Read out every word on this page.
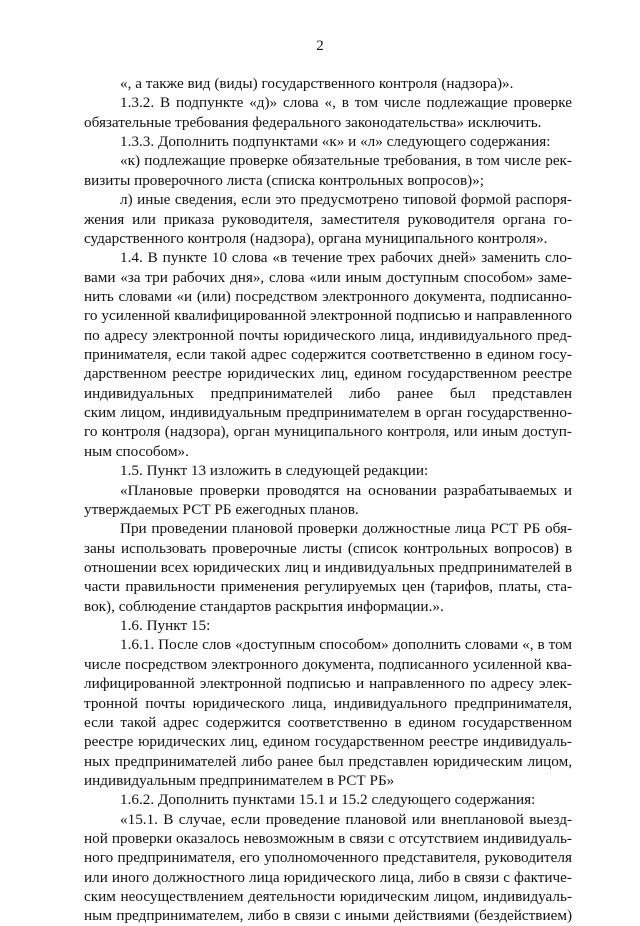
2
«, а также вид (виды) государственного контроля (надзора)».
1.3.2. В подпункте «д)» слова «, в том числе подлежащие проверке
обязательные требования федерального законодательства» исключить.
1.3.3. Дополнить подпунктами «к» и «л» следующего содержания:
«к) подлежащие проверке обязательные требования, в том числе рек-
визиты проверочного листа (списка контрольных вопросов)»;
л) иные сведения, если это предусмотрено типовой формой распоря-
жения или приказа руководителя, заместителя руководителя органа го-
сударственного контроля (надзора), органа муниципального контроля».
1.4. В пункте 10 слова «в течение трех рабочих дней» заменить сло-
вами «за три рабочих дня», слова «или иным доступным способом» заме-
нить словами «и (или) посредством электронного документа, подписанно-
го усиленной квалифицированной электронной подписью и направленного
по адресу электронной почты юридического лица, индивидуального пред-
принимателя, если такой адрес содержится соответственно в едином госу-
дарственном реестре юридических лиц, едином государственном реестре
индивидуальных предпринимателей либо ранее был представлен
ским лицом, индивидуальным предпринимателем в орган государственно-
го контроля (надзора), орган муниципального контроля, или иным доступ-
ным способом».
1.5. Пункт 13 изложить в следующей редакции:
«Плановые проверки проводятся на основании разрабатываемых и
утверждаемых РСТ РБ ежегодных планов.
При проведении плановой проверки должностные лица РСТ РБ обя-
заны использовать проверочные листы (список контрольных вопросов) в
отношении всех юридических лиц и индивидуальных предпринимателей в
части правильности применения регулируемых цен (тарифов, платы, ста-
вок), соблюдение стандартов раскрытия информации.».
1.6. Пункт 15:
1.6.1. После слов «доступным способом» дополнить словами «, в том
числе посредством электронного документа, подписанного усиленной ква-
лифицированной электронной подписью и направленного по адресу элек-
тронной почты юридического лица, индивидуального предпринимателя,
если такой адрес содержится соответственно в едином государственном
реестре юридических лиц, едином государственном реестре индивидуаль-
ных предпринимателей либо ранее был представлен юридическим лицом,
индивидуальным предпринимателем в РСТ РБ»
1.6.2. Дополнить пунктами 15.1 и 15.2 следующего содержания:
«15.1. В случае, если проведение плановой или внеплановой выезд-
ной проверки оказалось невозможным в связи с отсутствием индивидуаль-
ного предпринимателя, его уполномоченного представителя, руководителя
или иного должностного лица юридического лица, либо в связи с фактиче-
ским неосуществлением деятельности юридическим лицом, индивидуаль-
ным предпринимателем, либо в связи с иными действиями (бездействием)
